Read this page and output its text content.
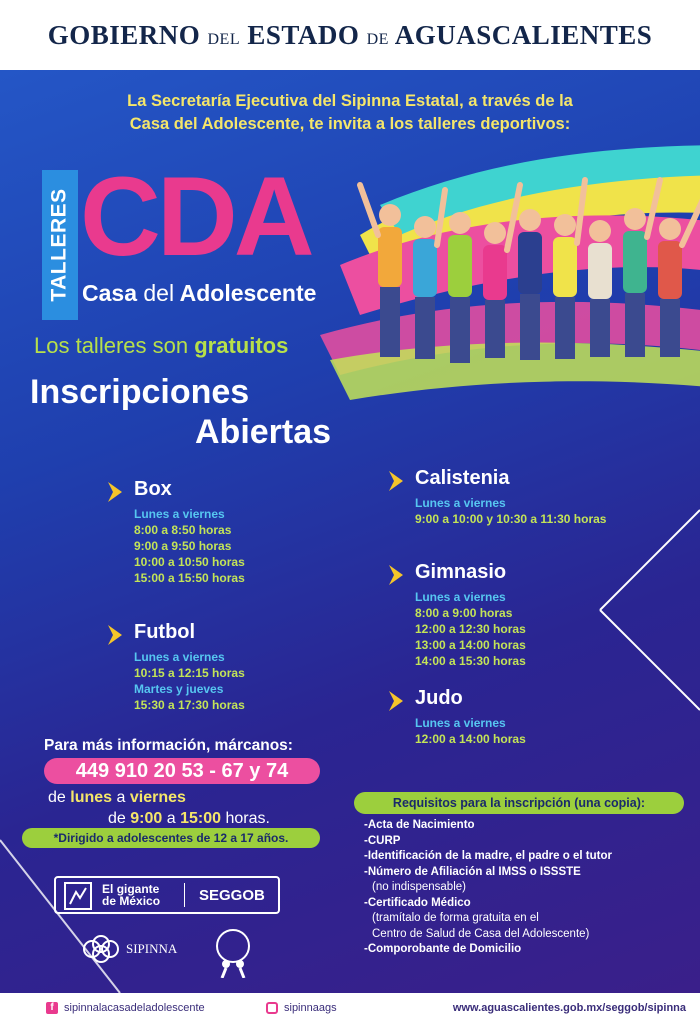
GOBIERNO DEL ESTADO DE AGUASCALIENTES
La Secretaría Ejecutiva del Sipinna Estatal, a través de la
Casa del Adolescente, te invita a los talleres deportivos:
TALLERES CDA
Casa del Adolescente
Los talleres son gratuitos
Inscripciones
Abiertas
Box
Lunes a viernes
8:00 a 8:50 horas
9:00 a 9:50 horas
10:00 a 10:50 horas
15:00 a 15:50 horas
Futbol
Lunes a viernes
10:15 a 12:15 horas
Martes y jueves
15:30 a 17:30 horas
Calistenia
Lunes a viernes
9:00 a 10:00 y 10:30 a 11:30 horas
Gimnasio
Lunes a viernes
8:00 a 9:00 horas
12:00 a 12:30 horas
13:00 a 14:00 horas
14:00 a 15:30 horas
Judo
Lunes a viernes
12:00 a 14:00 horas
Para más información, márcanos:
449 910 20 53 - 67 y 74
de lunes a viernes
de 9:00 a 15:00 horas.
*Dirigido a adolescentes de 12 a 17 años.
Requisitos para la inscripción (una copia):
-Acta de Nacimiento
-CURP
-Identificación de la madre, el padre o el tutor
-Número de Afiliación al IMSS o ISSSTE
(no indispensable)
-Certificado Médico
(tramítalo de forma gratuita en el
Centro de Salud de Casa del Adolescente)
-Comporobante de Domicilio
El gigante
de México	SEGGOB
SIPINNA
f sipinnalacasadeladolescente	sipinnaags	www.aguascalientes.gob.mx/seggob/sipinna
